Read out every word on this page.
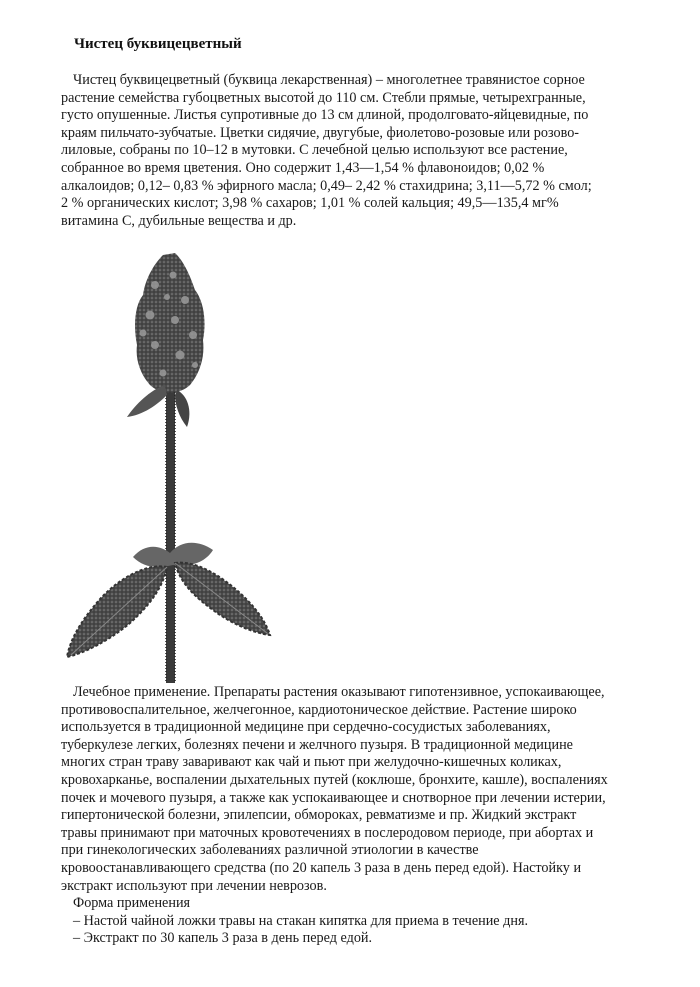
Чистец буквицецветный
Чистец буквицецветный (буквица лекарственная) – многолетнее травянистое сорное
растение семейства губоцветных высотой до 110 см. Стебли прямые, четырехгранные,
густо опушенные. Листья супротивные до 13 см длиной, продолговато-яйцевидные, по
краям пильчато-зубчатые. Цветки сидячие, двугубые, фиолетово-розовые или розово-
лиловые, собраны по 10–12 в мутовки. С лечебной целью используют все растение,
собранное во время цветения. Оно содержит 1,43—1,54 % флавоноидов; 0,02 %
алкалоидов; 0,12– 0,83 % эфирного масла; 0,49– 2,42 % стахидрина; 3,11—5,72 % смол;
2 % органических кислот; 3,98 % сахаров; 1,01 % солей кальция; 49,5—135,4 мг%
витамина С, дубильные вещества и др.
Лечебное применение. Препараты растения оказывают гипотензивное, успокаивающее,
противовоспалительное, желчегонное, кардиотоническое действие. Растение широко
используется в традиционной медицине при сердечно-сосудистых заболеваниях,
туберкулезе легких, болезнях печени и желчного пузыря. В традиционной медицине
многих стран траву заваривают как чай и пьют при желудочно-кишечных коликах,
кровохарканье, воспалении дыхательных путей (коклюше, бронхите, кашле), воспалениях
почек и мочевого пузыря, а также как успокаивающее и снотворное при лечении истерии,
гипертонической болезни, эпилепсии, обмороках, ревматизме и пр. Жидкий экстракт
травы принимают при маточных кровотечениях в послеродовом периоде, при абортах и
при гинекологических заболеваниях различной этиологии в качестве
кровоостанавливающего средства (по 20 капель 3 раза в день перед едой). Настойку и
экстракт используют при лечении неврозов.
Форма применения
– Настой чайной ложки травы на стакан кипятка для приема в течение дня.
– Экстракт по 30 капель 3 раза в день перед едой.
